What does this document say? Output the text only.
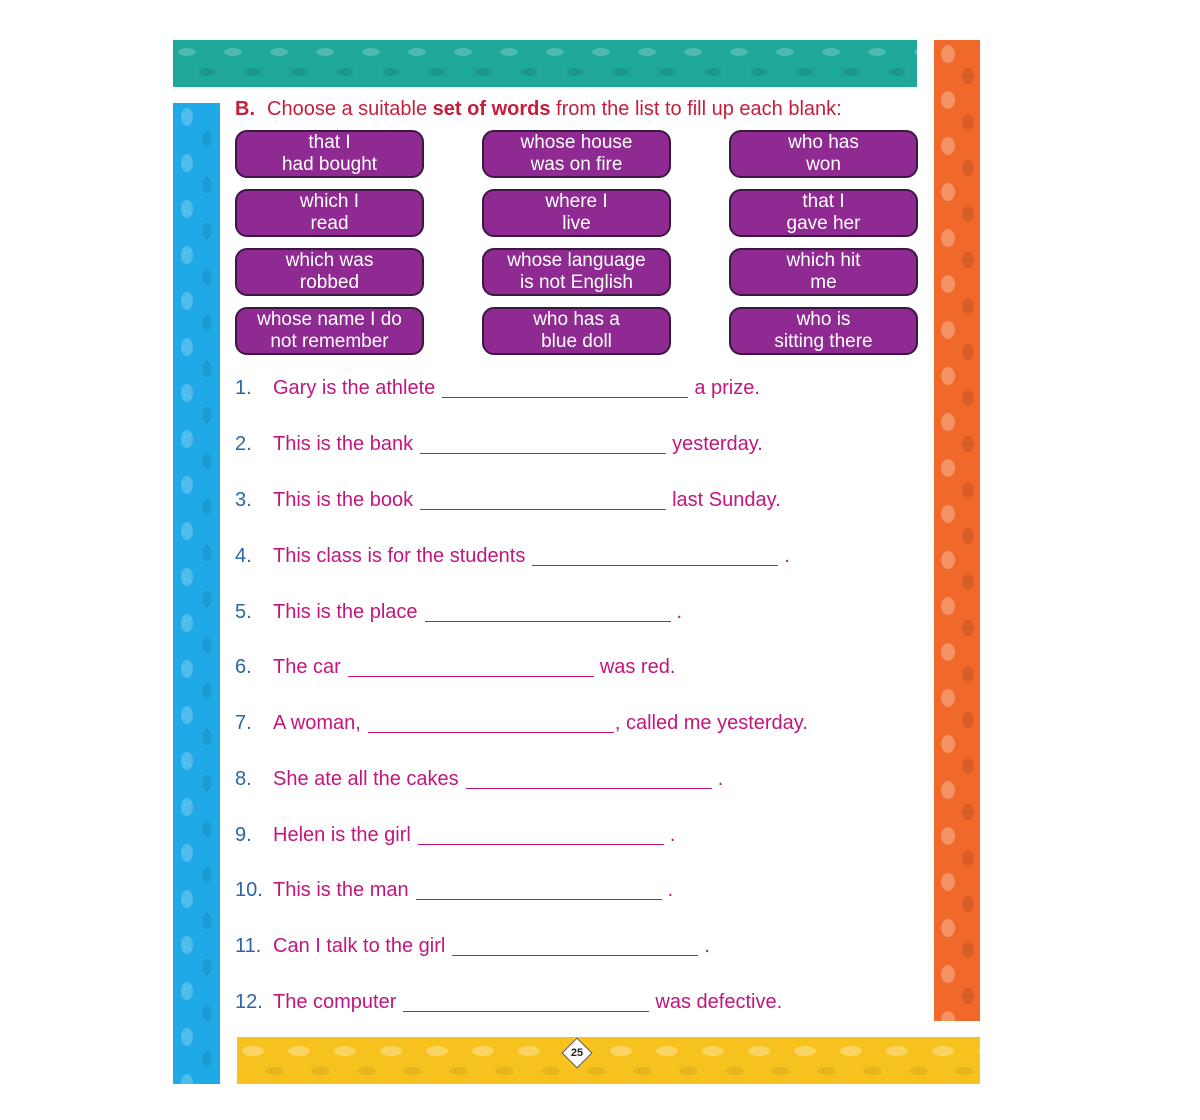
25
B. Choose a suitable set of words from the list to fill up each blank:
that I
had bought
whose house
was on fire
who has
won
which I
read
where I
live
that I
gave her
which was
robbed
whose language
is not English
which hit
me
whose name I do
not remember
who has a
blue doll
who is
sitting there
1. Gary is the athlete	a prize.
2. This is the bank	yesterday.
3. This is the book	last Sunday.
4. This class is for the students	.
5. This is the place	.
6. The car	was red.
7. A woman,	, called me yesterday.
8. She ate all the cakes	.
9. Helen is the girl	.
10. This is the man	.
11. Can I talk to the girl	.
12. The computer	was defective.
